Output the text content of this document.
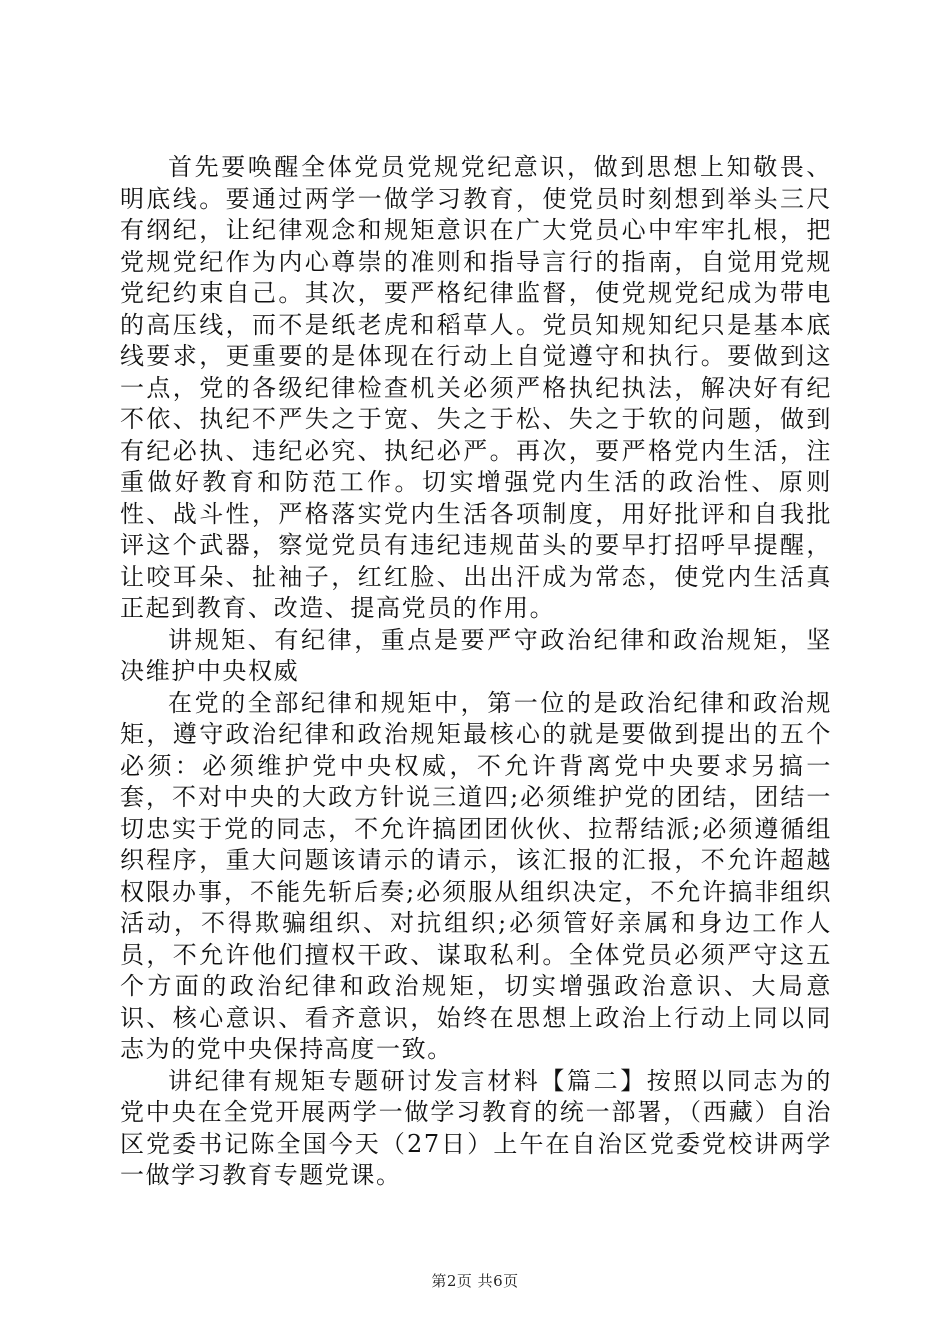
首先要唤醒全体党员党规党纪意识，做到思想上知敬畏、明底线。要通过两学一做学习教育，使党员时刻想到举头三尺有纲纪，让纪律观念和规矩意识在广大党员心中牢牢扎根，把党规党纪作为内心尊崇的准则和指导言行的指南，自觉用党规党纪约束自己。其次，要严格纪律监督，使党规党纪成为带电的高压线，而不是纸老虎和稻草人。党员知规知纪只是基本底线要求，更重要的是体现在行动上自觉遵守和执行。要做到这一点，党的各级纪律检查机关必须严格执纪执法，解决好有纪不依、执纪不严失之于宽、失之于松、失之于软的问题，做到有纪必执、违纪必究、执纪必严。再次，要严格党内生活，注重做好教育和防范工作。切实增强党内生活的政治性、原则性、战斗性，严格落实党内生活各项制度，用好批评和自我批评这个武器，察觉党员有违纪违规苗头的要早打招呼早提醒，让咬耳朵、扯袖子，红红脸、出出汗成为常态，使党内生活真正起到教育、改造、提高党员的作用。

讲规矩、有纪律，重点是要严守政治纪律和政治规矩，坚决维护中央权威

在党的全部纪律和规矩中，第一位的是政治纪律和政治规矩，遵守政治纪律和政治规矩最核心的就是要做到提出的五个必须：必须维护党中央权威，不允许背离党中央要求另搞一套，不对中央的大政方针说三道四;必须维护党的团结，团结一切忠实于党的同志，不允许搞团团伙伙、拉帮结派;必须遵循组织程序，重大问题该请示的请示，该汇报的汇报，不允许超越权限办事，不能先斩后奏;必须服从组织决定，不允许搞非组织活动，不得欺骗组织、对抗组织;必须管好亲属和身边工作人员，不允许他们擅权干政、谋取私利。全体党员必须严守这五个方面的政治纪律和政治规矩，切实增强政治意识、大局意识、核心意识、看齐意识，始终在思想上政治上行动上同以同志为的党中央保持高度一致。

讲纪律有规矩专题研讨发言材料【篇二】按照以同志为的党中央在全党开展两学一做学习教育的统一部署，（西藏）自治区党委书记陈全国今天（27日）上午在自治区党委党校讲两学一做学习教育专题党课。

第2页 共6页
